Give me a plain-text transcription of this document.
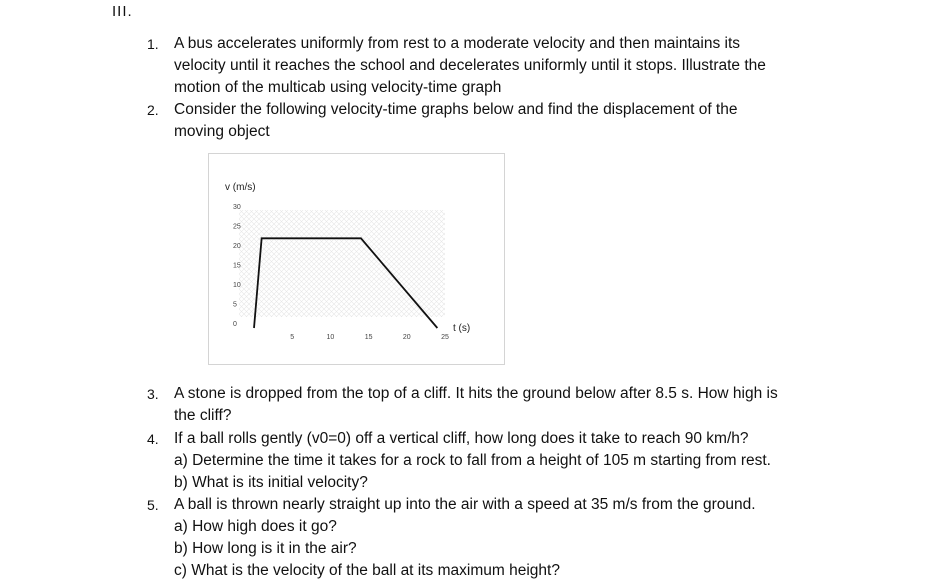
III.
1. A bus accelerates uniformly from rest to a moderate velocity and then maintains its
velocity until it reaches the school and decelerates uniformly until it stops. Illustrate the
motion of the multicab using velocity-time graph
2. Consider the following velocity-time graphs below and find the displacement of the
moving object
v (m/s)
t (s)
30
25
20
15
10
5
0
5	10	15	20	25
3. A stone is dropped from the top of a cliff. It hits the ground below after 8.5 s. How high is
the cliff?
4. If a ball rolls gently (v0=0) off a vertical cliff, how long does it take to reach 90 km/h?
a) Determine the time it takes for a rock to fall from a height of 105 m starting from rest.
b) What is its initial velocity?
5. A ball is thrown nearly straight up into the air with a speed at 35 m/s from the ground.
a) How high does it go?
b) How long is it in the air?
c) What is the velocity of the ball at its maximum height?
